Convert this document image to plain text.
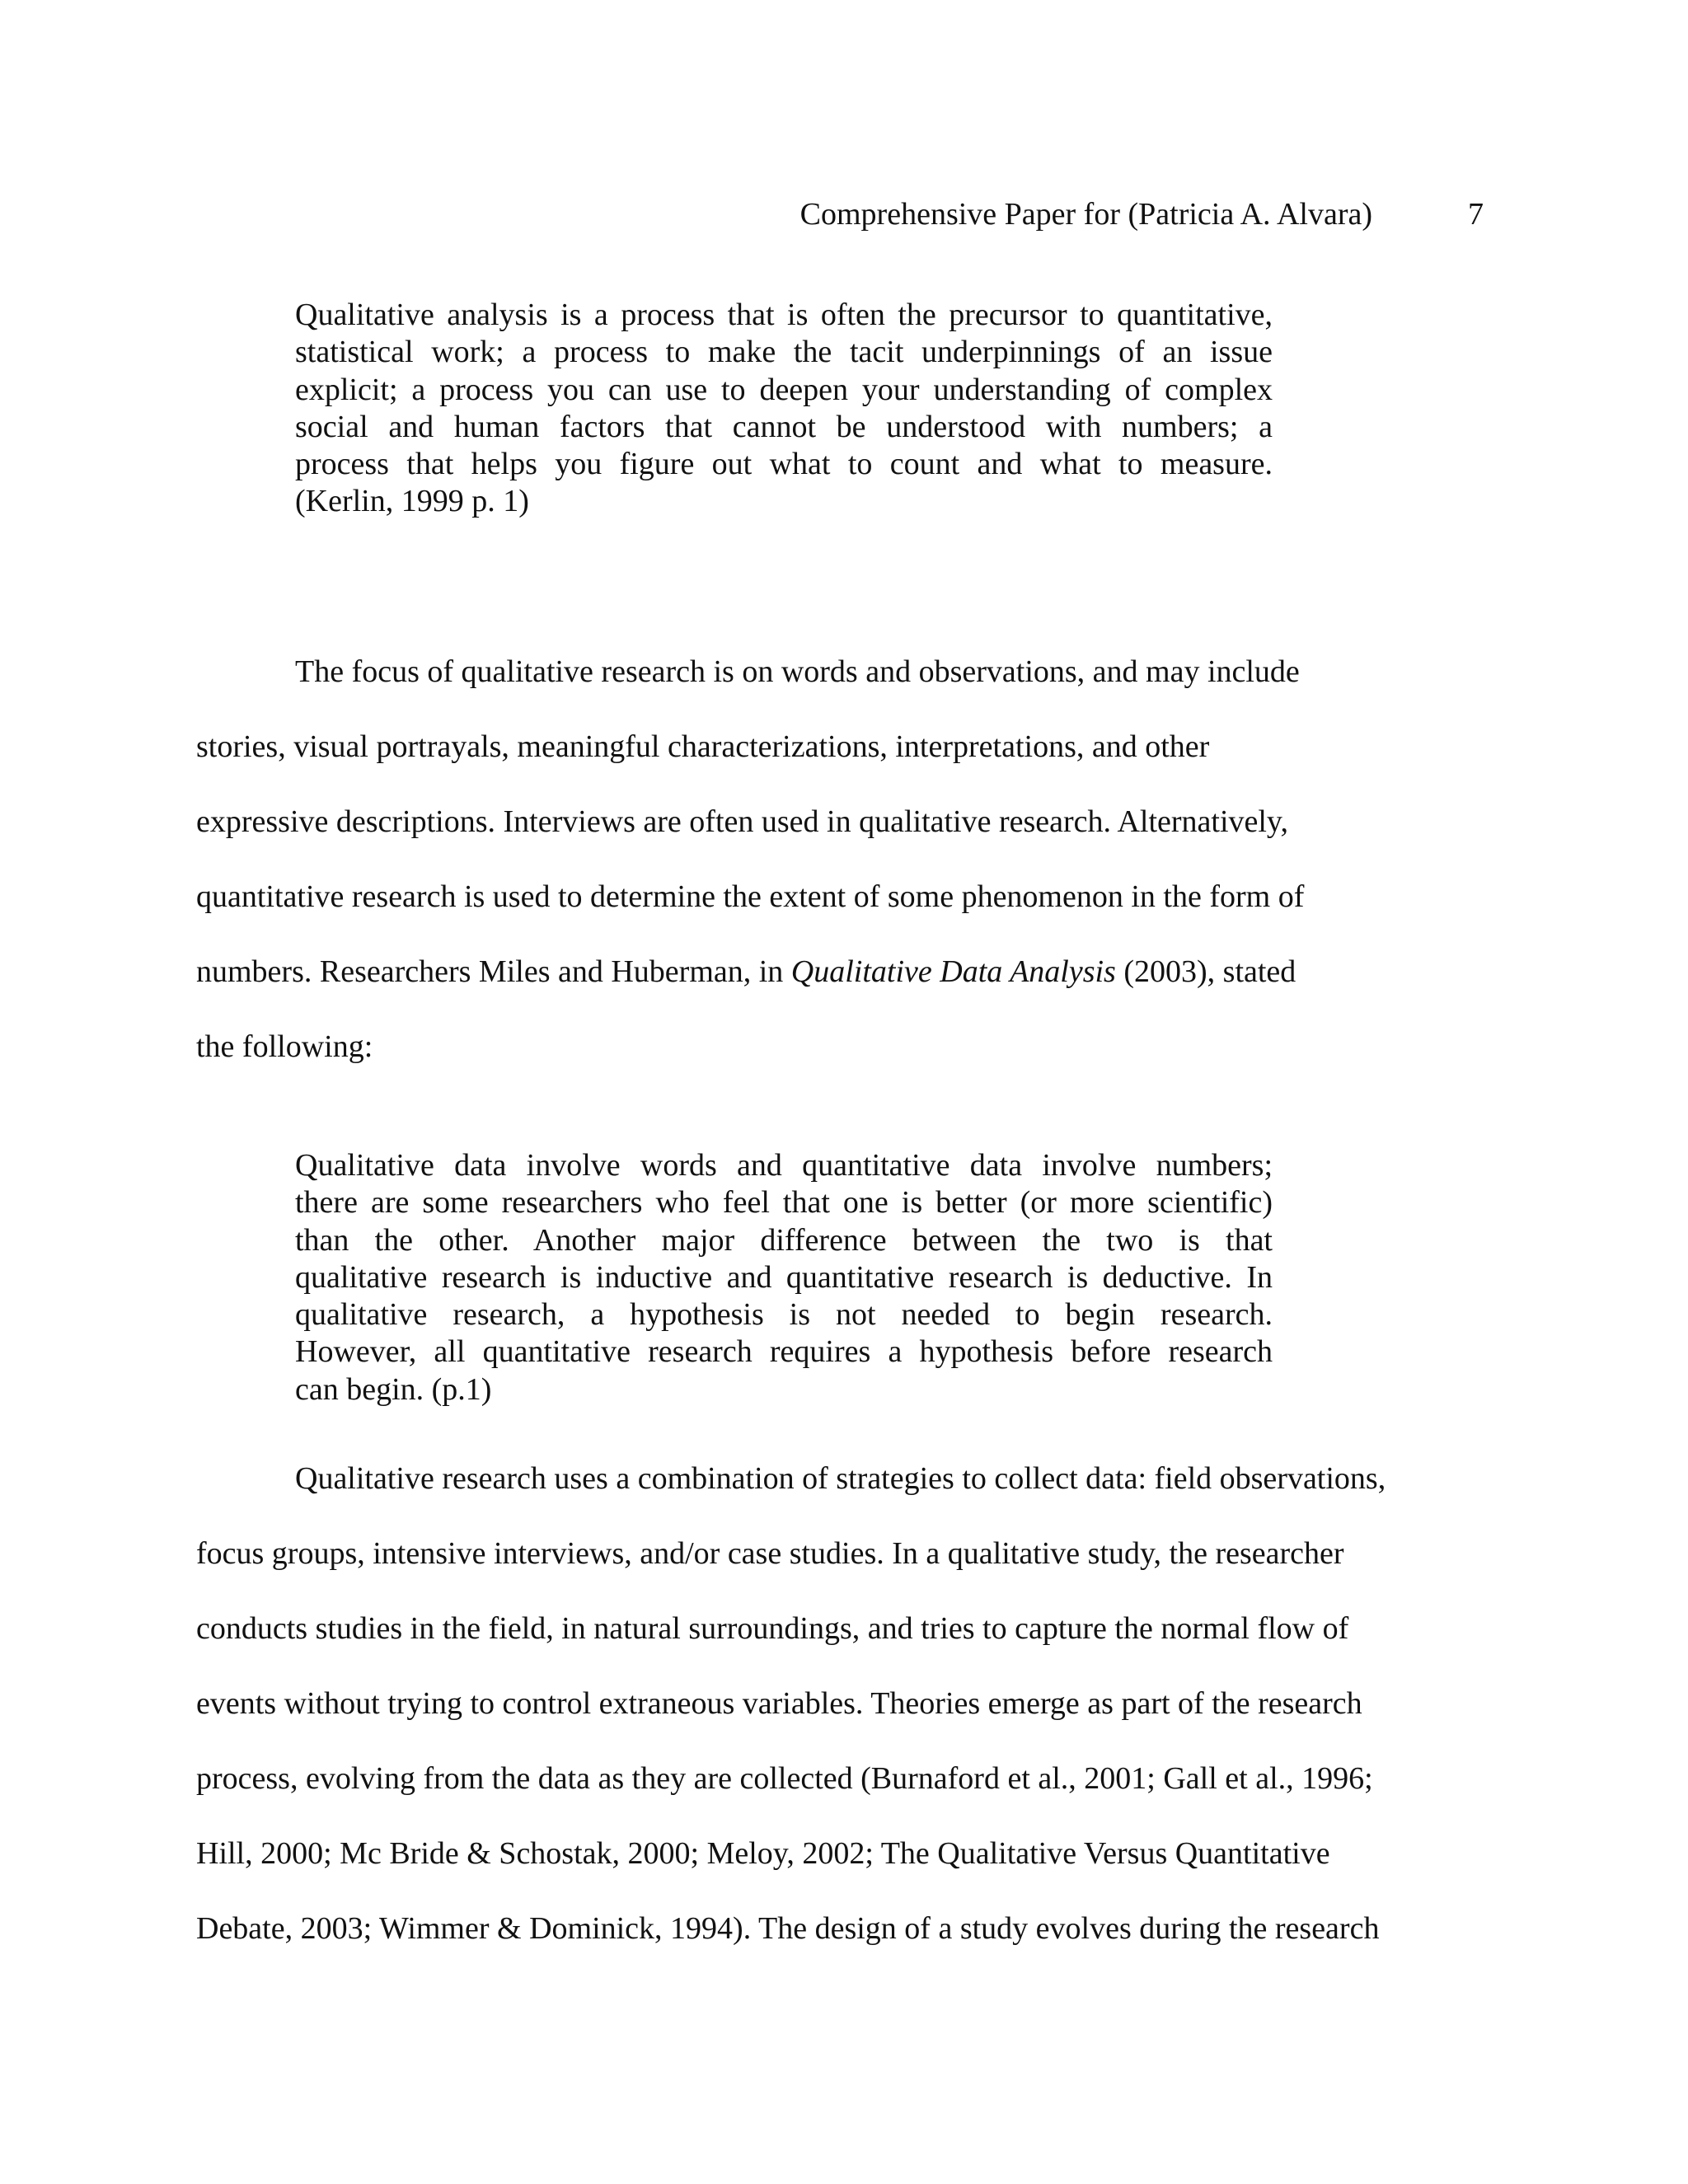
Comprehensive Paper for (Patricia A. Alvara)	7
Qualitative analysis is a process that is often the precursor to quantitative,
statistical work; a process to make the tacit underpinnings of an issue
explicit; a process you can use to deepen your understanding of complex
social and human factors that cannot be understood with numbers; a
process that helps you figure out what to count and what to measure.
(Kerlin, 1999 p. 1)
The focus of qualitative research is on words and observations, and may include
stories, visual portrayals, meaningful characterizations, interpretations, and other
expressive descriptions. Interviews are often used in qualitative research. Alternatively,
quantitative research is used to determine the extent of some phenomenon in the form of
numbers. Researchers Miles and Huberman, in Qualitative Data Analysis (2003), stated
the following:
Qualitative data involve words and quantitative data involve numbers;
there are some researchers who feel that one is better (or more scientific)
than the other. Another major difference between the two is that
qualitative research is inductive and quantitative research is deductive. In
qualitative research, a hypothesis is not needed to begin research.
However, all quantitative research requires a hypothesis before research
can begin. (p.1)
Qualitative research uses a combination of strategies to collect data: field observations,
focus groups, intensive interviews, and/or case studies. In a qualitative study, the researcher
conducts studies in the field, in natural surroundings, and tries to capture the normal flow of
events without trying to control extraneous variables. Theories emerge as part of the research
process, evolving from the data as they are collected (Burnaford et al., 2001; Gall et al., 1996;
Hill, 2000; Mc Bride & Schostak, 2000; Meloy, 2002; The Qualitative Versus Quantitative
Debate, 2003; Wimmer & Dominick, 1994). The design of a study evolves during the research
